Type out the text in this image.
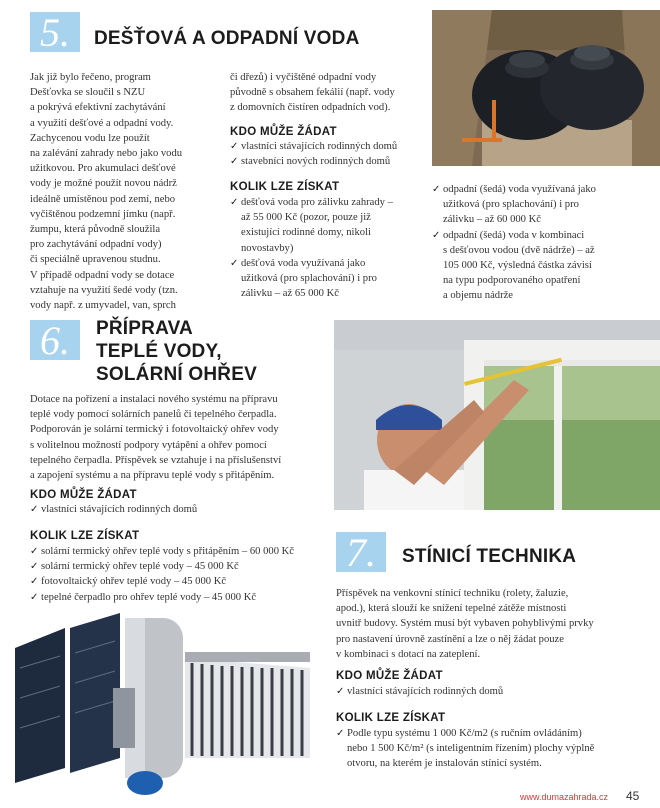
5.	DEŠŤOVÁ A ODPADNÍ VODA
Jak již bylo řečeno, program
Dešťovka se sloučil s NZU
a pokrývá efektivní zachytávání
a využití dešťové a odpadní vody.
Zachycenou vodu lze použít
na zalévání zahrady nebo jako vodu
užitkovou. Pro akumulaci dešťové
vody je možné použít novou nádrž
ideálně umístěnou pod zemí, nebo
vyčištěnou podzemní jímku (např.
žumpu, která původně sloužila
pro zachytávání odpadní vody)
či speciálně upravenou studnu.
V případě odpadní vody se dotace
vztahuje na využití šedé vody (tzn.
vody např. z umyvadel, van, sprch
či dřezů) i vyčištěné odpadní vody
původně s obsahem fekálií (např. vody
z domovních čistíren odpadních vod).
KDO MŮŽE ŽÁDAT
✓ vlastníci stávajících rodinných domů
✓ stavebníci nových rodinných domů
KOLIK LZE ZÍSKAT
✓ dešťová voda pro zálivku zahrady –
až 55 000 Kč (pozor, pouze již
existující rodinné domy, nikoli
novostavby)
✓ dešťová voda využívaná jako
užitková (pro splachování) i pro
zálivku – až 65 000 Kč
✓ odpadní (šedá) voda využívaná jako
užitková (pro splachování) i pro
zálivku – až 60 000 Kč
✓ odpadní (šedá) voda v kombinaci
s dešťovou vodou (dvě nádrže) – až
105 000 Kč, výsledná částka závisí
na typu podporovaného opatření
a objemu nádrže
6.	PŘÍPRAVA
TEPLÉ VODY,
SOLÁRNÍ OHŘEV
Dotace na pořízení a instalaci nového systému na přípravu
teplé vody pomocí solárních panelů či tepelného čerpadla.
Podporován je solární termický i fotovoltaický ohřev vody
s volitelnou možností podpory vytápění a ohřev pomocí
tepelného čerpadla. Příspěvek se vztahuje i na příslušenství
a zapojení systému a na přípravu teplé vody s přitápěním.
KDO MŮŽE ŽÁDAT
✓ vlastníci stávajících rodinných domů
KOLIK LZE ZÍSKAT
✓ solární termický ohřev teplé vody s přitápěním – 60 000 Kč
✓ solární termický ohřev teplé vody – 45 000 Kč
✓ fotovoltaický ohřev teplé vody – 45 000 Kč
✓ tepelné čerpadlo pro ohřev teplé vody – 45 000 Kč
7.	STÍNICÍ TECHNIKA
Příspěvek na venkovní stínicí techniku (rolety, žaluzie,
apod.), která slouží ke snížení tepelné zátěže místnosti
uvnitř budovy. Systém musí být vybaven pohyblivými prvky
pro nastavení úrovně zastínění a lze o něj žádat pouze
v kombinaci s dotací na zateplení.
KDO MŮŽE ŽÁDAT
✓ vlastníci stávajících rodinných domů
KOLIK LZE ZÍSKAT
✓ Podle typu systému 1 000 Kč/m2 (s ručním ovládáním)
nebo 1 500 Kč/m² (s inteligentním řízením) plochy výplně
otvoru, na kterém je instalován stínicí systém.
www.dumazahrada.cz 45
